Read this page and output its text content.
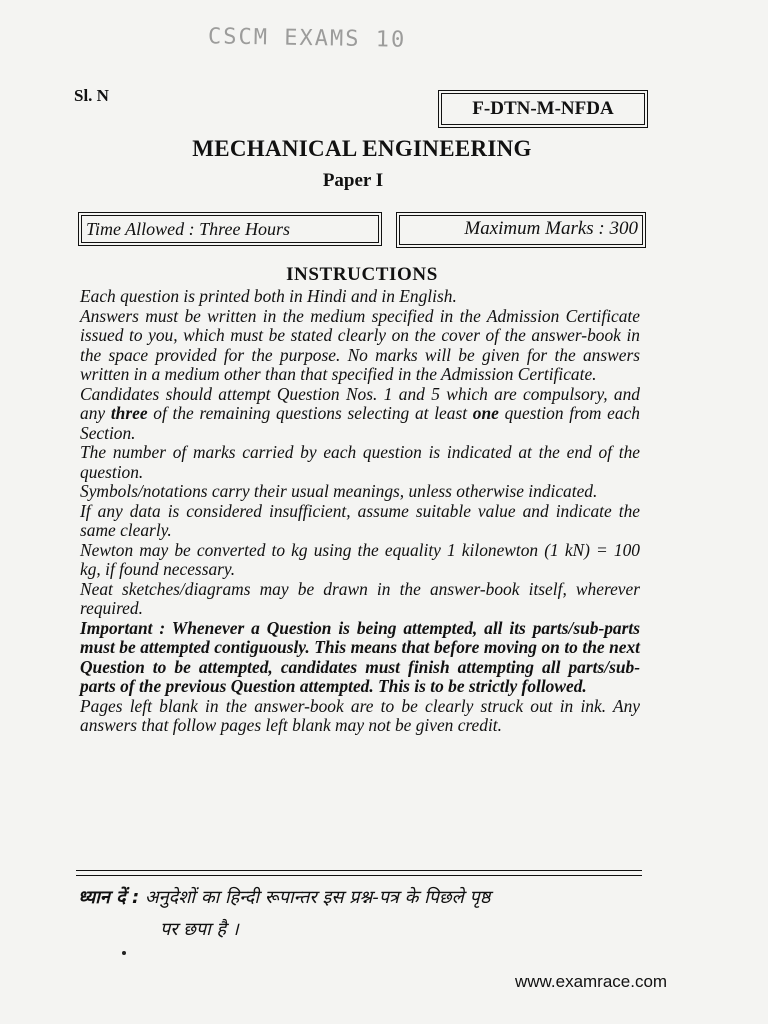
CSCM EXAMS 10
Sl. N
F-DTN-M-NFDA
MECHANICAL ENGINEERING
Paper I
Time Allowed : Three Hours	Maximum Marks : 300
INSTRUCTIONS
Each question is printed both in Hindi and in English.
Answers must be written in the medium specified in the Admission Certificate issued to you, which must be stated clearly on the cover of the answer-book in the space provided for the purpose. No marks will be given for the answers written in a medium other than that specified in the Admission Certificate.
Candidates should attempt Question Nos. 1 and 5 which are compulsory, and any three of the remaining questions selecting at least one question from each Section.
The number of marks carried by each question is indicated at the end of the question.
Symbols/notations carry their usual meanings, unless otherwise indicated.
If any data is considered insufficient, assume suitable value and indicate the same clearly.
Newton may be converted to kg using the equality 1 kilonewton (1 kN) = 100 kg, if found necessary.
Neat sketches/diagrams may be drawn in the answer-book itself, wherever required.
Important : Whenever a Question is being attempted, all its parts/sub-parts must be attempted contiguously. This means that before moving on to the next Question to be attempted, candidates must finish attempting all parts/sub-parts of the previous Question attempted. This is to be strictly followed.
Pages left blank in the answer-book are to be clearly struck out in ink. Any answers that follow pages left blank may not be given credit.
ध्यान दें : अनुदेशों का हिन्दी रूपान्तर इस प्रश्न-पत्र के पिछले पृष्ठ
पर छपा है ।
www.examrace.com
